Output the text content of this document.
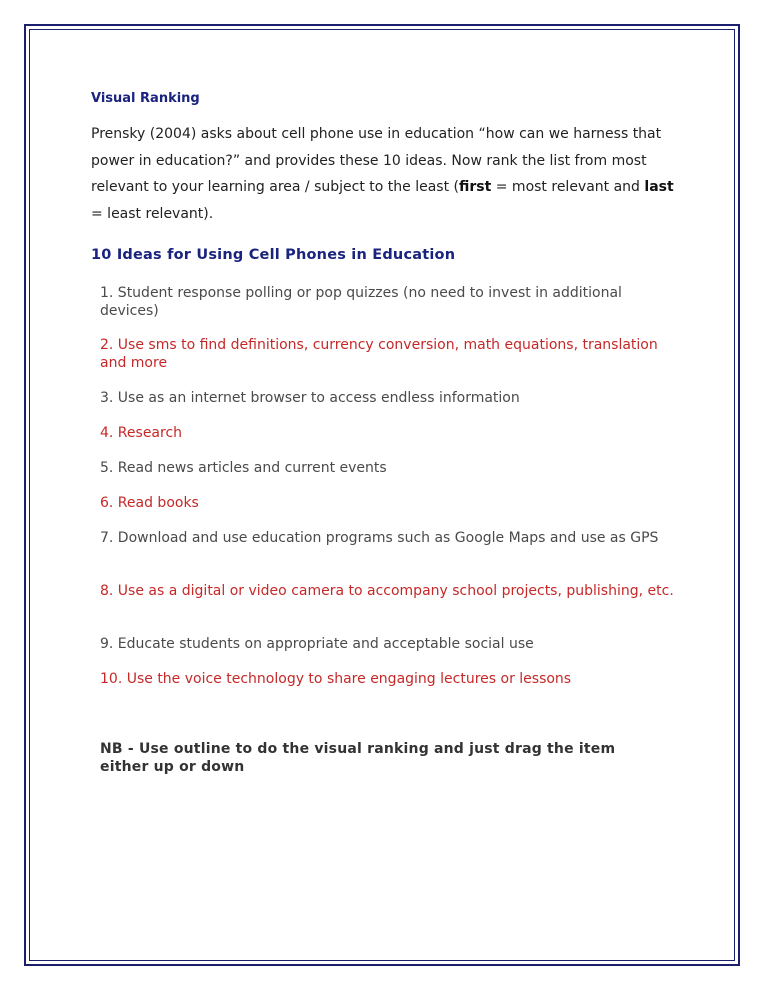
Visual Ranking

Prensky (2004) asks about cell phone use in education “how can we harness that power in education?” and provides these 10 ideas. Now rank the list from most relevant to your learning area / subject to the least (first = most relevant and last = least relevant).

10 Ideas for Using Cell Phones in Education
1. Student response polling or pop quizzes (no need to invest in additional devices)
2. Use sms to find definitions, currency conversion, math equations, translation and more
3. Use as an internet browser to access endless information
4. Research
5. Read news articles and current events
6. Read books
7. Download and use education programs such as Google Maps and use as GPS
8. Use as a digital or video camera to accompany school projects, publishing, etc.
9. Educate students on appropriate and acceptable social use
10. Use the voice technology to share engaging lectures or lessons
NB - Use outline to do the visual ranking and just drag the item either up or down
